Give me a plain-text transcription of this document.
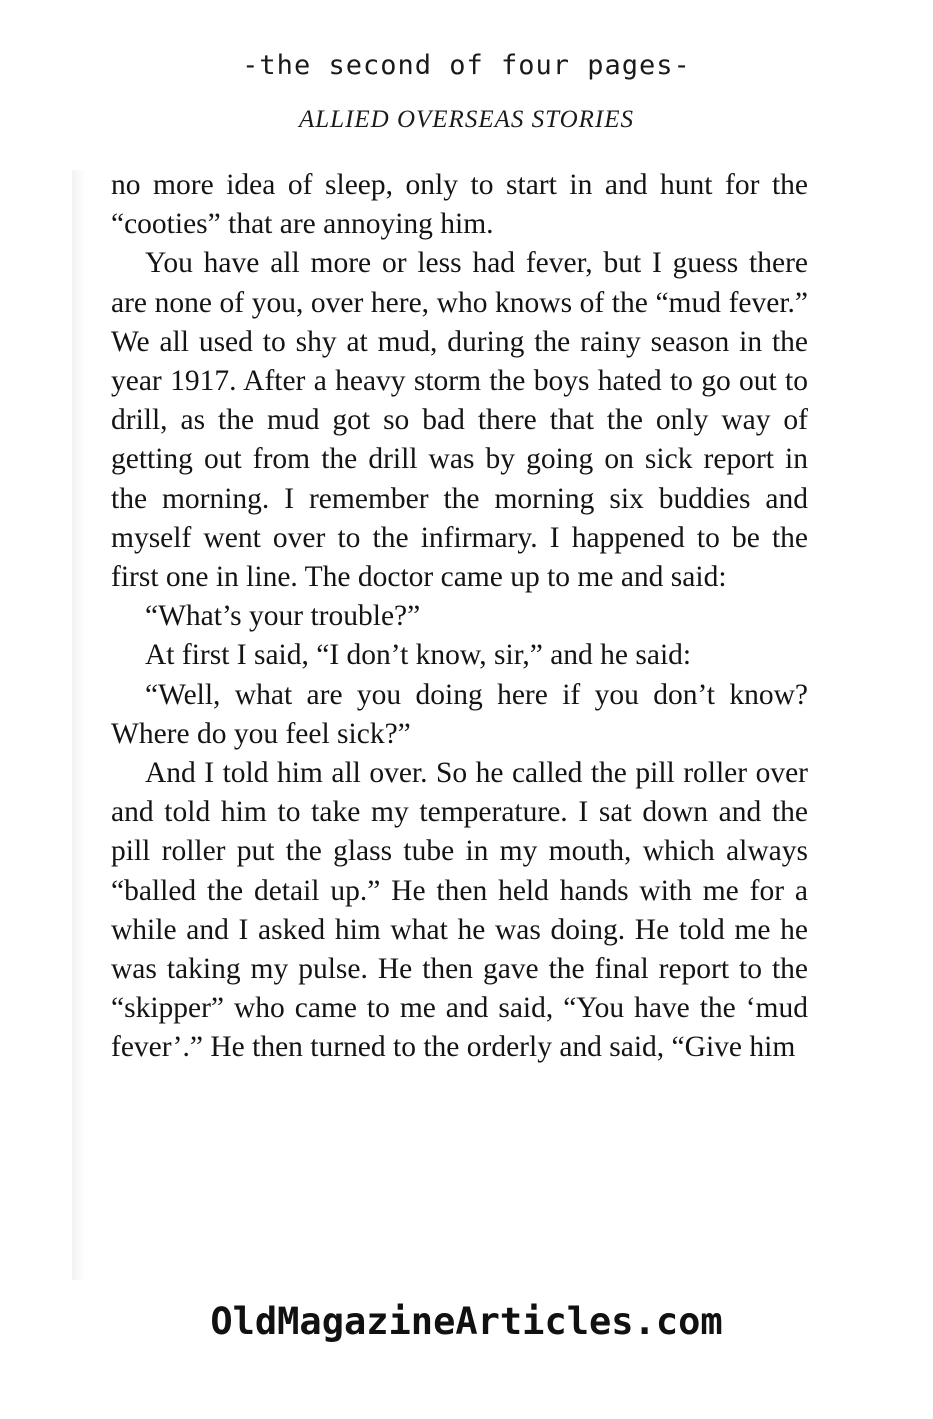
-the second of four pages-
ALLIED OVERSEAS STORIES

no more idea of sleep, only to start in and hunt for the “cooties” that are annoying him.

You have all more or less had fever, but I guess there are none of you, over here, who knows of the “mud fever.” We all used to shy at mud, during the rainy season in the year 1917. After a heavy storm the boys hated to go out to drill, as the mud got so bad there that the only way of getting out from the drill was by going on sick report in the morning. I remember the morning six buddies and myself went over to the infirmary. I happened to be the first one in line. The doctor came up to me and said:

“What’s your trouble?”

At first I said, “I don’t know, sir,” and he said:

“Well, what are you doing here if you don’t know? Where do you feel sick?”

And I told him all over. So he called the pill roller over and told him to take my temperature. I sat down and the pill roller put the glass tube in my mouth, which always “balled the detail up.” He then held hands with me for a while and I asked him what he was doing. He told me he was taking my pulse. He then gave the final report to the “skipper” who came to me and said, “You have the ‘mud fever’.” He then turned to the orderly and said, “Give him

OldMagazineArticles.com
